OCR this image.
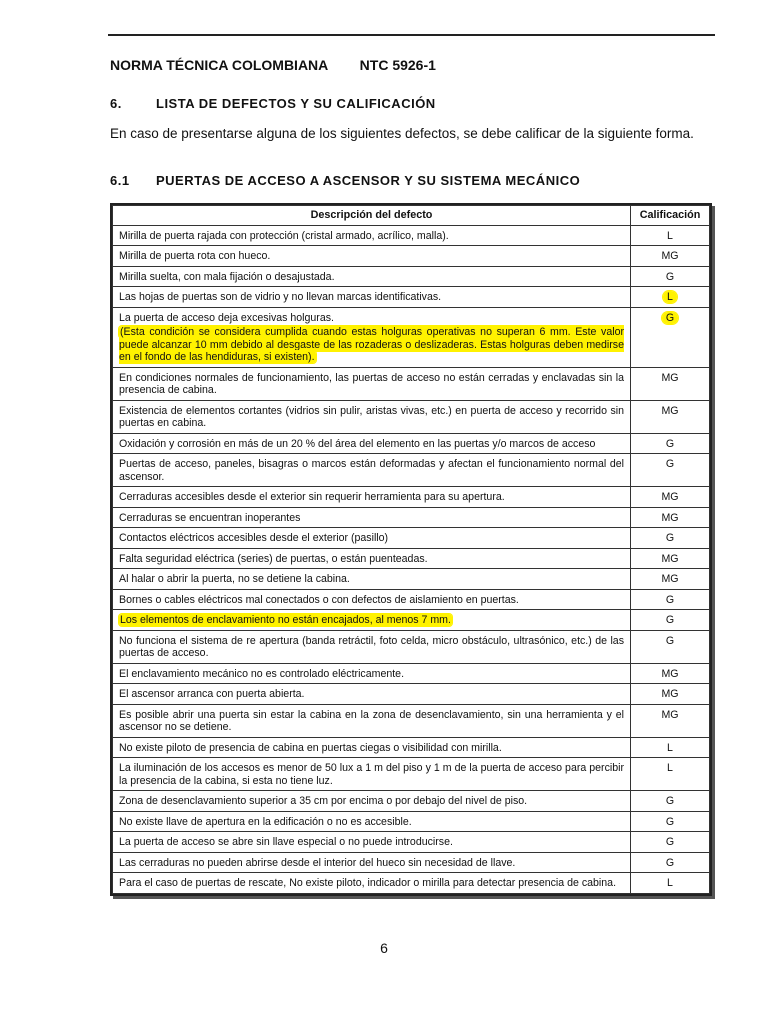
NORMA TÉCNICA COLOMBIANA NTC 5926-1
6.	LISTA DE DEFECTOS Y SU CALIFICACIÓN
En caso de presentarse alguna de los siguientes defectos, se debe calificar de la siguiente forma.
6.1 PUERTAS DE ACCESO A ASCENSOR Y SU SISTEMA MECÁNICO
Descripción del defecto	Calificación
Mirilla de puerta rajada con protección (cristal armado, acrílico, malla).	L
Mirilla de puerta rota con hueco.	MG
Mirilla suelta, con mala fijación o desajustada.	G
Las hojas de puertas son de vidrio y no llevan marcas identificativas.	L

La puerta de acceso deja excesivas holguras.
(Esta condición se considera cumplida cuando estas holguras operativas no superan 6 mm. Este valor puede alcanzar 10 mm debido al desgaste de las rozaderas o deslizaderas. Estas holguras deben medirse en el fondo de las hendiduras, si existen).	G
En condiciones normales de funcionamiento, las puertas de acceso no están cerradas y enclavadas sin la presencia de cabina.	MG
Existencia de elementos cortantes (vidrios sin pulir, aristas vivas, etc.) en puerta de acceso y recorrido sin puertas en cabina.	MG
Oxidación y corrosión en más de un 20 % del área del elemento en las puertas y/o marcos de acceso	G
Puertas de acceso, paneles, bisagras o marcos están deformadas y afectan el funcionamiento normal del ascensor.	G
Cerraduras accesibles desde el exterior sin requerir herramienta para su apertura.	MG
Cerraduras se encuentran inoperantes	MG
Contactos eléctricos accesibles desde el exterior (pasillo)	G
Falta seguridad eléctrica (series) de puertas, o están puenteadas.	MG
Al halar o abrir la puerta, no se detiene la cabina.	MG
Bornes o cables eléctricos mal conectados o con defectos de aislamiento en puertas.	G
Los elementos de enclavamiento no están encajados, al menos 7 mm.	G
No funciona el sistema de re apertura (banda retráctil, foto celda, micro obstáculo, ultrasónico, etc.) de las puertas de acceso.	G
El enclavamiento mecánico no es controlado eléctricamente.	MG
El ascensor arranca con puerta abierta.	MG
Es posible abrir una puerta sin estar la cabina en la zona de desenclavamiento, sin una herramienta y el ascensor no se detiene.	MG
No existe piloto de presencia de cabina en puertas ciegas o visibilidad con mirilla.	L
La iluminación de los accesos es menor de 50 lux a 1 m del piso y 1 m de la puerta de acceso para percibir la presencia de la cabina, si esta no tiene luz.	L
Zona de desenclavamiento superior a 35 cm por encima o por debajo del nivel de piso.	G
No existe llave de apertura en la edificación o no es accesible.	G
La puerta de acceso se abre sin llave especial o no puede introducirse.	G
Las cerraduras no pueden abrirse desde el interior del hueco sin necesidad de llave.	G
Para el caso de puertas de rescate, No existe piloto, indicador o mirilla para detectar presencia de cabina.	L
6
